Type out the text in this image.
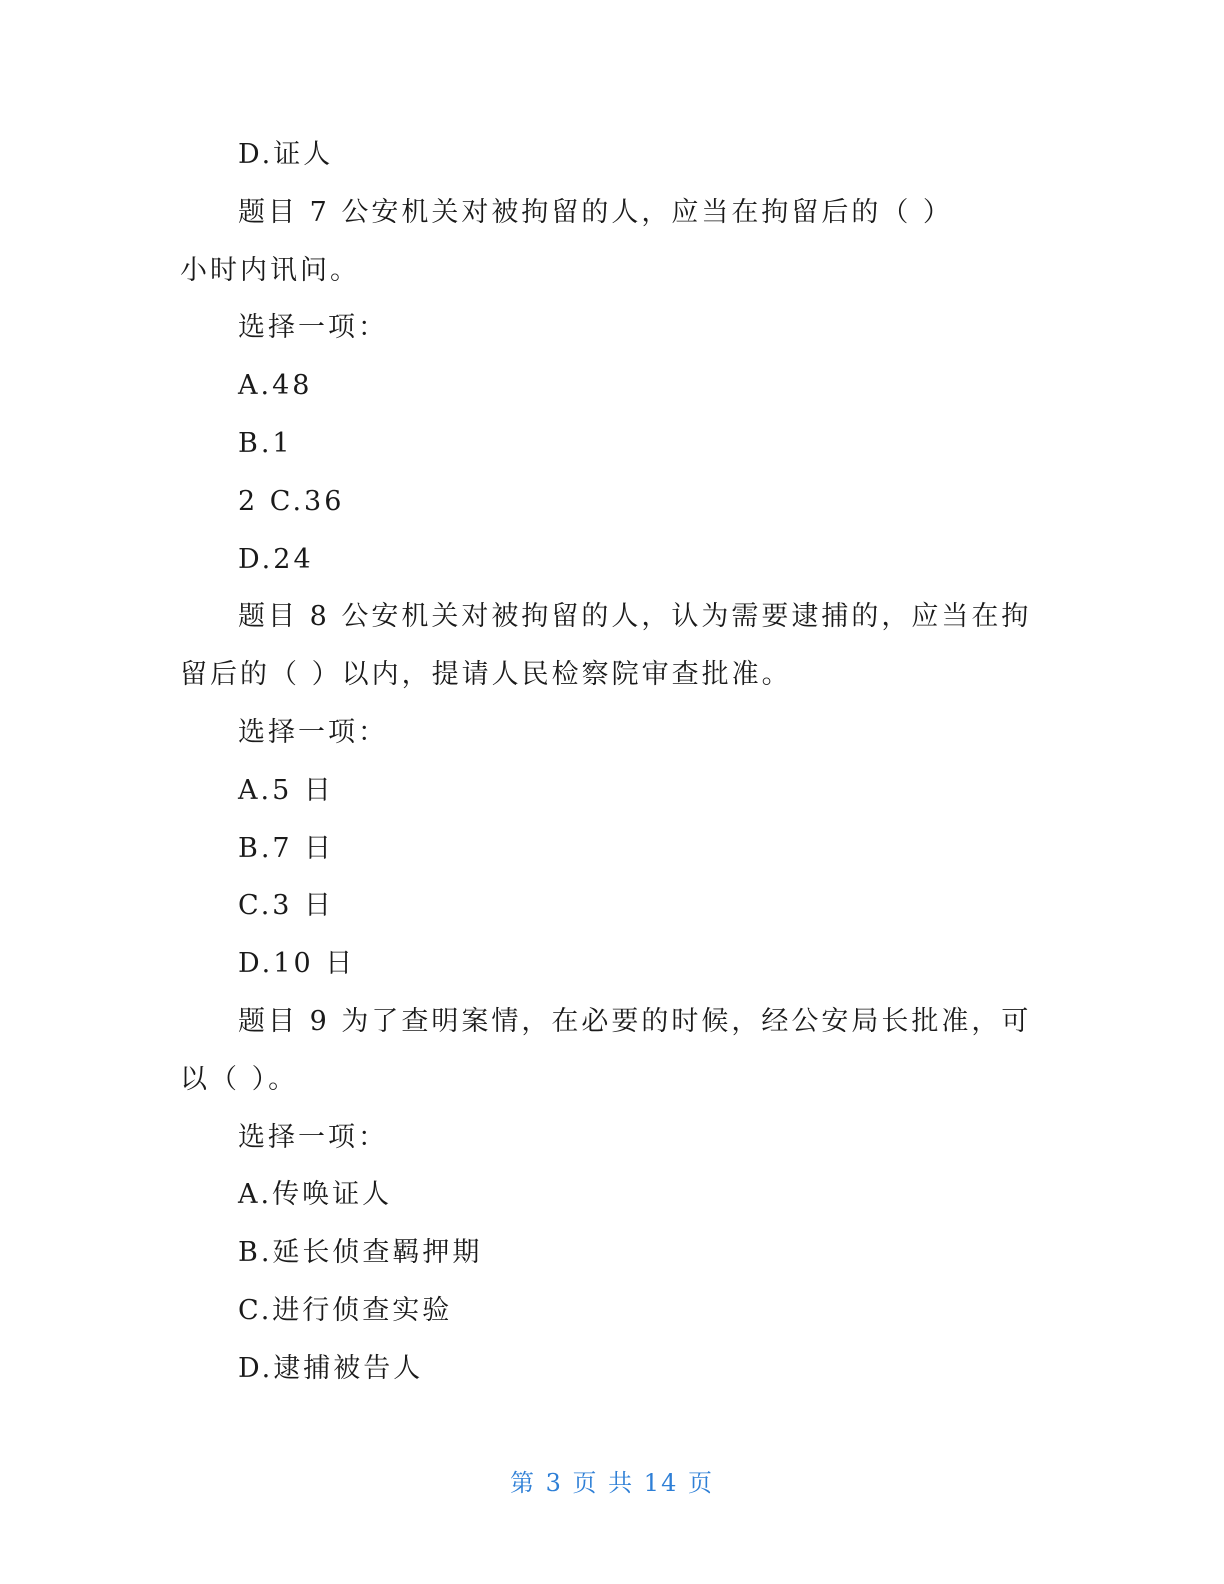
D.证人
题目 7 公安机关对被拘留的人，应当在拘留后的（ ）
小时内讯问。
选择一项：
A.48
B.1
2 C.36
D.24
题目 8 公安机关对被拘留的人，认为需要逮捕的，应当在拘
留后的（ ）以内，提请人民检察院审查批准。
选择一项：
A.5 日
B.7 日
C.3 日
D.10 日
题目 9 为了查明案情，在必要的时候，经公安局长批准，可
以（ ）。
选择一项：
A.传唤证人
B.延长侦查羁押期
C.进行侦查实验
D.逮捕被告人
第 3 页 共 14 页
